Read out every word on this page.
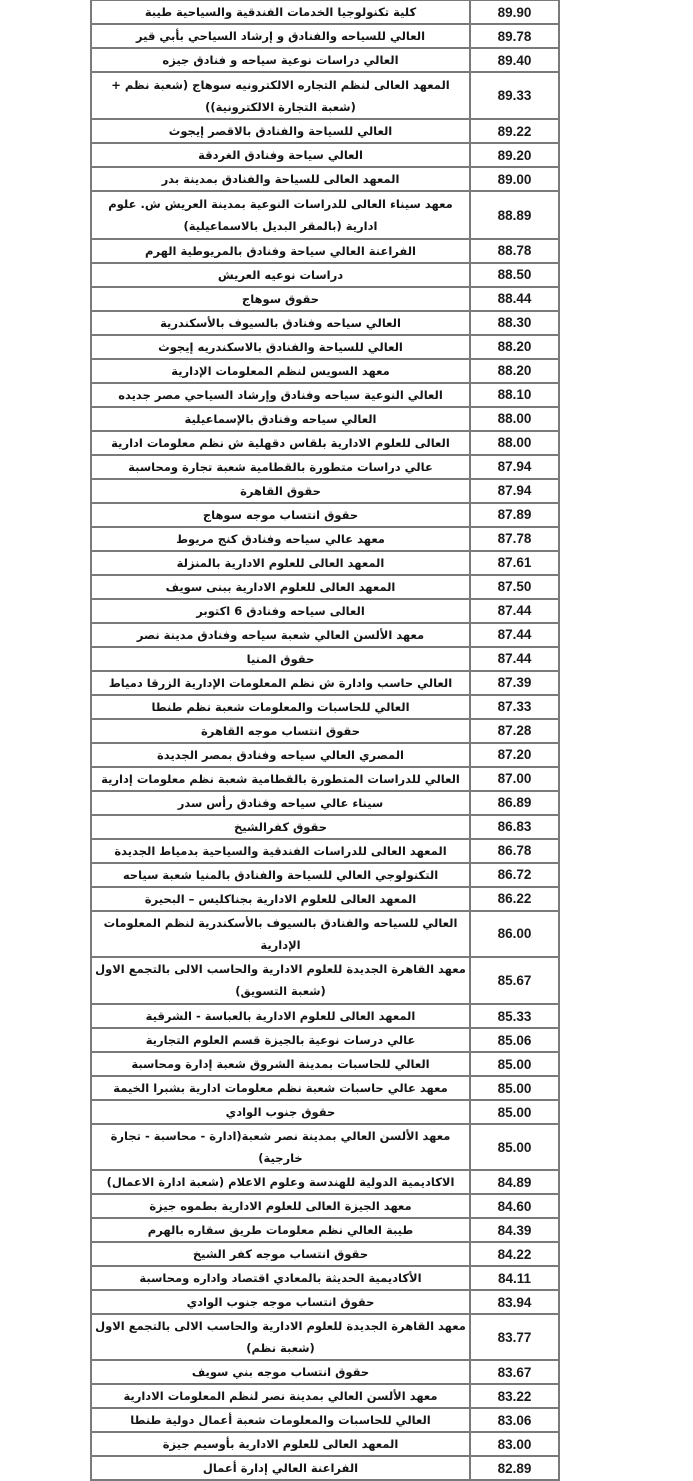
كلية تكنولوجيا الخدمات الفندقية والسياحية طيبة	89.90
العالي للسياحه والفنادق و إرشاد السياحي بأبي قير	89.78
العالي دراسات نوعية سياحه و فنادق جيزه	89.40
المعهد العالى لنظم التجاره الالكترونيه سوهاج (شعبة نظم + (شعبة التجارة الالكترونية))	89.33
العالي للسياحة والفنادق بالاقصر إيجوث	89.22
العالي سياحة وفنادق الغردقة	89.20
المعهد العالى للسياحة والفنادق بمدينة بدر	89.00
معهد سيناء العالى للدراسات النوعية بمدينة العريش ش. علوم ادارية (بالمقر البديل بالاسماعيلية)	88.89
الفراعنة العالي سياحة وفنادق بالمريوطية الهرم	88.78
دراسات نوعيه العريش	88.50
حقوق سوهاج	88.44
العالي سياحه وفنادق بالسيوف بالأسكندرية	88.30
العالي للسياحة والفنادق بالاسكندريه إيجوث	88.20
معهد السويس لنظم المعلومات الإدارية	88.20
العالي النوعية سياحه وفنادق وإرشاد السياحي مصر جديده	88.10
العالي سياحه وفنادق بالإسماعيلية	88.00
العالى للعلوم الادارية بلقاس دقهلية ش نظم معلومات ادارية	88.00
عالي دراسات متطورة بالقطامية شعبة تجارة ومحاسبة	87.94
حقوق القاهرة	87.94
حقوق انتساب موجه سوهاج	87.89
معهد عالي سياحه وفنادق كنج مريوط	87.78
المعهد العالى للعلوم الادارية بالمنزلة	87.61
المعهد العالى للعلوم الادارية ببنى سويف	87.50
العالى سياحه وفنادق 6 اكتوبر	87.44
معهد الألسن العالي شعبة سياحه وفنادق مدينة نصر	87.44
حقوق المنيا	87.44
العالي حاسب وادارة ش نظم المعلومات الإدارية الزرقا دمياط	87.39
العالي للحاسبات والمعلومات شعبة نظم طنطا	87.33
حقوق انتساب موجه القاهرة	87.28
المصري العالي سياحه وفنادق بمصر الجديدة	87.20
العالي للدراسات المتطورة بالقطامية شعبة نظم معلومات إدارية	87.00
سيناء عالي سياحه وفنادق رأس سدر	86.89
حقوق كفرالشيخ	86.83
المعهد العالى للدراسات الفندقية والسياحية بدمياط الجديدة	86.78
التكنولوجي العالي للسياحة والفنادق بالمنيا شعبة سياحه	86.72
المعهد العالى للعلوم الادارية بجناكليس – البحيرة	86.22
العالي للسياحه والفنادق بالسيوف بالأسكندرية لنظم المعلومات الإدارية	86.00
معهد القاهرة الجديدة للعلوم الادارية والحاسب الالى بالتجمع الاول (شعبة التسويق)	85.67
المعهد العالى للعلوم الادارية بالعباسة - الشرقية	85.33
عالي درسات نوعية بالجيزة قسم العلوم التجارية	85.06
العالي للحاسبات بمدينة الشروق شعبة إدارة ومحاسبة	85.00
معهد عالي حاسبات شعبة نظم معلومات ادارية بشبرا الخيمة	85.00
حقوق جنوب الوادي	85.00
معهد الألسن العالي بمدينة نصر شعبة(ادارة - محاسبة - تجارة خارجية)	85.00
الاكاديمية الدولية للهندسة وعلوم الاعلام (شعبة ادارة الاعمال)	84.89
معهد الجيزة العالى للعلوم الادارية بطموه جيزة	84.60
طيبة العالي نظم معلومات طريق سقاره بالهرم	84.39
حقوق انتساب موجه كفر الشيخ	84.22
الأكاديمية الحديثة بالمعادي اقتصاد واداره ومحاسبة	84.11
حقوق انتساب موجه جنوب الوادي	83.94
معهد القاهرة الجديدة للعلوم الادارية والحاسب الالى بالتجمع الاول (شعبة نظم)	83.77
حقوق انتساب موجه بني سويف	83.67
معهد الألسن العالي بمدينة نصر لنظم المعلومات الادارية	83.22
العالي للحاسبات والمعلومات شعبة أعمال دولية طنطا	83.06
المعهد العالى للعلوم الادارية بأوسيم جيزة	83.00
الفراعنة العالي إدارة أعمال	82.89
